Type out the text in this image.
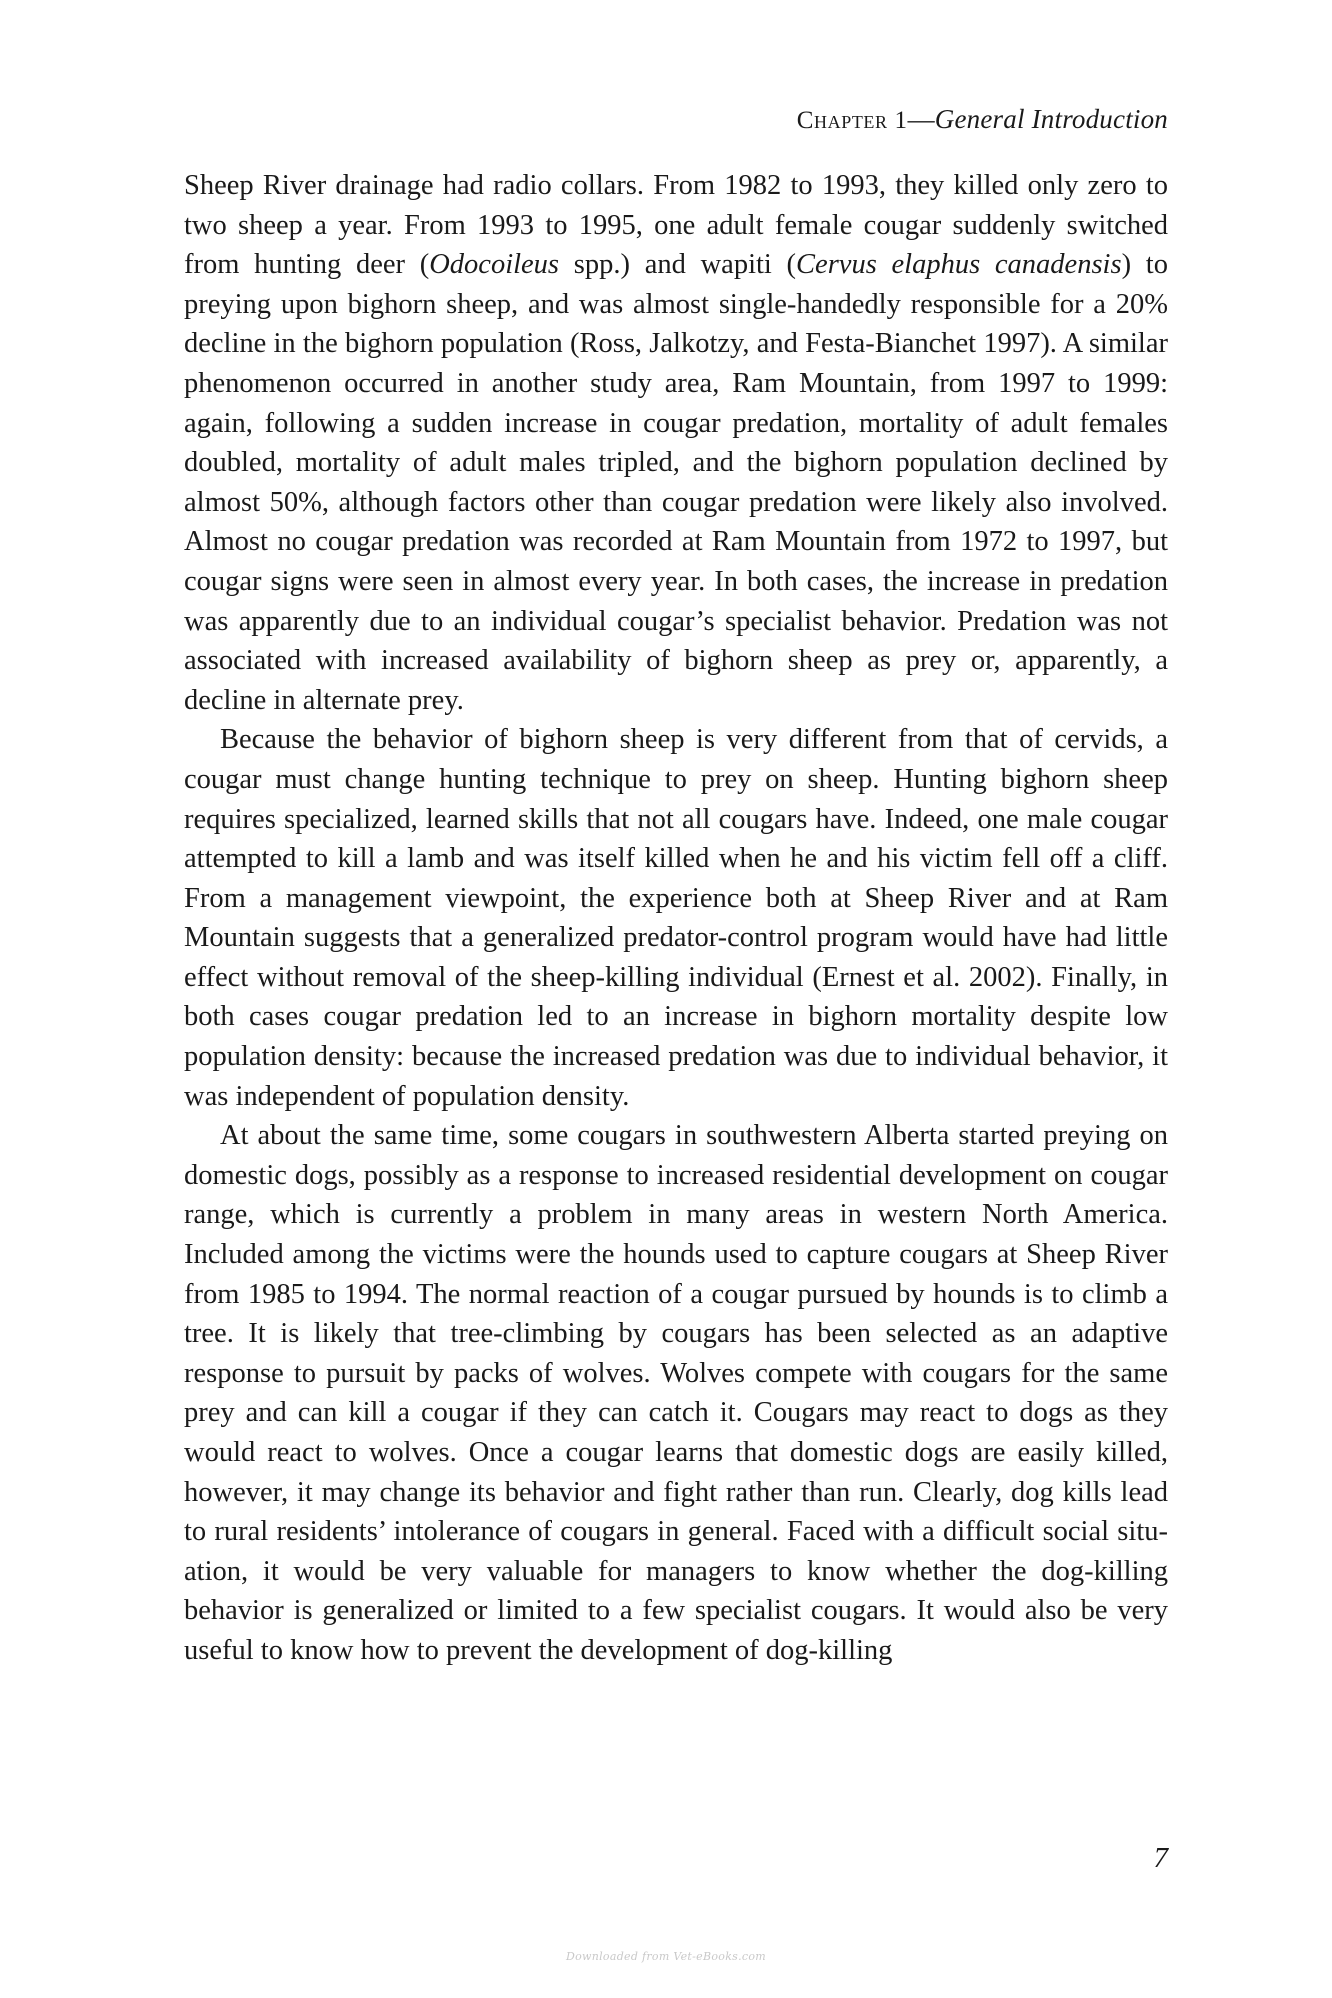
Chapter 1—General Introduction

Sheep River drainage had radio collars. From 1982 to 1993, they killed only zero to two sheep a year. From 1993 to 1995, one adult female cougar suddenly switched from hunting deer (Odocoileus spp.) and wapiti (Cervus elaphus canadensis) to preying upon bighorn sheep, and was almost single-handedly responsible for a 20% decline in the bighorn population (Ross, Jalkotzy, and Festa-Bianchet 1997). A similar phenomenon occurred in another study area, Ram Mountain, from 1997 to 1999: again, following a sudden increase in cougar predation, mortality of adult females doubled, mortality of adult males tripled, and the bighorn population declined by almost 50%, although factors other than cougar predation were likely also involved. Almost no cougar predation was recorded at Ram Mountain from 1972 to 1997, but cougar signs were seen in almost every year. In both cases, the increase in predation was apparently due to an individual cougar’s specialist behavior. Predation was not associated with increased availability of bighorn sheep as prey or, apparently, a decline in alternate prey.

Because the behavior of bighorn sheep is very different from that of cervids, a cougar must change hunting technique to prey on sheep. Hunting bighorn sheep requires specialized, learned skills that not all cougars have. Indeed, one male cougar attempted to kill a lamb and was itself killed when he and his victim fell off a cliff. From a management viewpoint, the experience both at Sheep River and at Ram Mountain suggests that a generalized predator-control program would have had little effect without removal of the sheep-killing individual (Ernest et al. 2002). Finally, in both cases cougar predation led to an increase in bighorn mortality despite low population density: because the increased predation was due to individual behavior, it was independent of population density.

At about the same time, some cougars in southwestern Alberta started preying on domestic dogs, possibly as a response to increased residential development on cougar range, which is currently a problem in many areas in western North America. Included among the victims were the hounds used to capture cougars at Sheep River from 1985 to 1994. The normal reaction of a cougar pursued by hounds is to climb a tree. It is likely that tree-climbing by cougars has been selected as an adaptive response to pursuit by packs of wolves. Wolves compete with cougars for the same prey and can kill a cougar if they can catch it. Cougars may react to dogs as they would react to wolves. Once a cougar learns that domestic dogs are easily killed, however, it may change its behavior and fight rather than run. Clearly, dog kills lead to rural residents’ intolerance of cougars in general. Faced with a difficult social situation, it would be very valuable for managers to know whether the dog-killing behavior is generalized or limited to a few specialist cougars. It would also be very useful to know how to prevent the development of dog-killing

7
Downloaded from Vet-eBooks.com
